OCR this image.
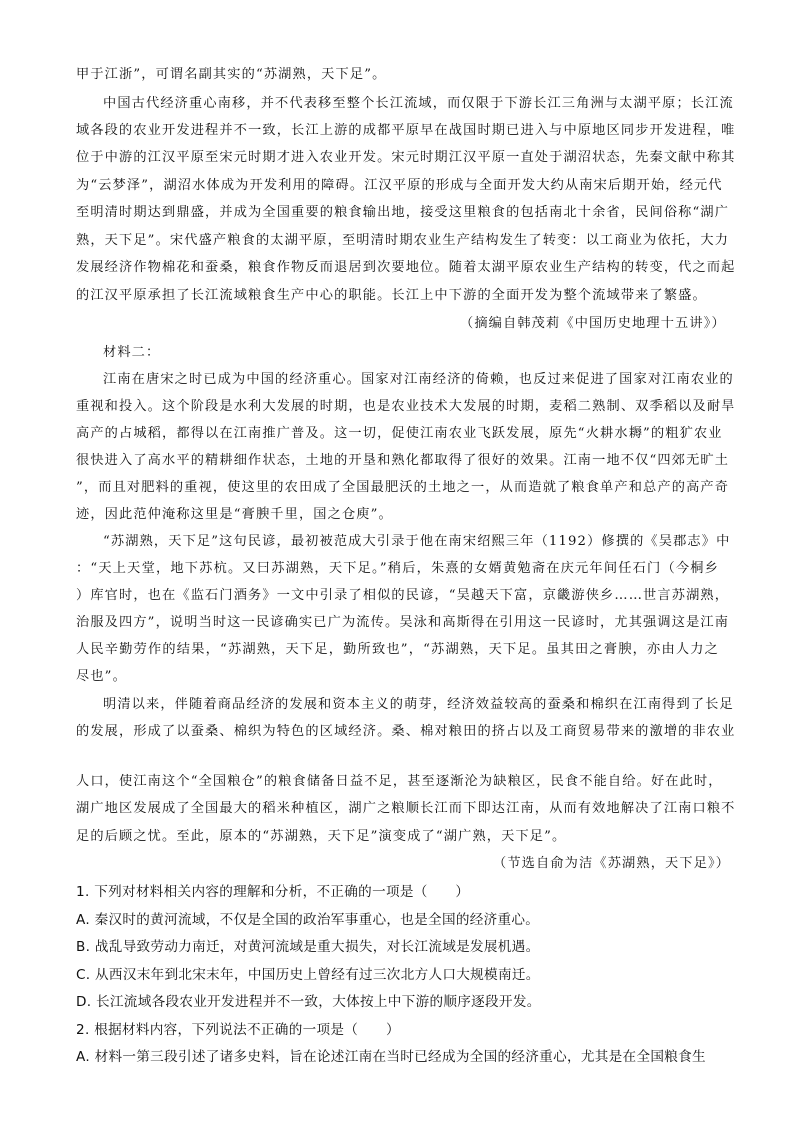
甲于江浙”，可谓名副其实的“苏湖熟，天下足”。
中国古代经济重心南移，并不代表移至整个长江流域，而仅限于下游长江三角洲与太湖平原；长江流
域各段的农业开发进程并不一致，长江上游的成都平原早在战国时期已进入与中原地区同步开发进程，唯
位于中游的江汉平原至宋元时期才进入农业开发。宋元时期江汉平原一直处于湖沼状态，先秦文献中称其
为“云梦泽”，湖沼水体成为开发利用的障碍。江汉平原的形成与全面开发大约从南宋后期开始，经元代
至明清时期达到鼎盛，并成为全国重要的粮食输出地，接受这里粮食的包括南北十余省，民间俗称“湖广
熟，天下足”。宋代盛产粮食的太湖平原，至明清时期农业生产结构发生了转变：以工商业为依托，大力
发展经济作物棉花和蚕桑，粮食作物反而退居到次要地位。随着太湖平原农业生产结构的转变，代之而起
的江汉平原承担了长江流域粮食生产中心的职能。长江上中下游的全面开发为整个流域带来了繁盛。
（摘编自韩茂莉《中国历史地理十五讲》）
材料二：
江南在唐宋之时已成为中国的经济重心。国家对江南经济的倚赖，也反过来促进了国家对江南农业的
重视和投入。这个阶段是水利大发展的时期，也是农业技术大发展的时期，麦稻二熟制、双季稻以及耐旱
高产的占城稻，都得以在江南推广普及。这一切，促使江南农业飞跃发展，原先“火耕水耨”的粗犷农业
很快进入了高水平的精耕细作状态，土地的开垦和熟化都取得了很好的效果。江南一地不仅“四郊无旷土
”，而且对肥料的重视，使这里的农田成了全国最肥沃的土地之一，从而造就了粮食单产和总产的高产奇
迹，因此范仲淹称这里是“膏腴千里，国之仓庾”。
“苏湖熟，天下足”这句民谚，最初被范成大引录于他在南宋绍熙三年（1192）修撰的《吴郡志》中
：“天上天堂，地下苏杭。又曰苏湖熟，天下足。”稍后，朱熹的女婿黄勉斋在庆元年间任石门（今桐乡
）库官时，也在《监石门酒务》一文中引录了相似的民谚，“吴越天下富，京畿游侠乡……世言苏湖熟，
治服及四方”，说明当时这一民谚确实已广为流传。吴泳和高斯得在引用这一民谚时，尤其强调这是江南
人民辛勤劳作的结果，“苏湖熟，天下足，勤所致也”，“苏湖熟，天下足。虽其田之膏腴，亦由人力之
尽也”。
明清以来，伴随着商品经济的发展和资本主义的萌芽，经济效益较高的蚕桑和棉织在江南得到了长足
的发展，形成了以蚕桑、棉织为特色的区域经济。桑、棉对粮田的挤占以及工商贸易带来的激增的非农业
人口，使江南这个“全国粮仓”的粮食储备日益不足，甚至逐渐沦为缺粮区，民食不能自给。好在此时，
湖广地区发展成了全国最大的稻米种植区，湖广之粮顺长江而下即达江南，从而有效地解决了江南口粮不
足的后顾之忧。至此，原本的“苏湖熟，天下足”演变成了“湖广熟，天下足”。
（节选自俞为洁《苏湖熟，天下足》）
1. 下列对材料相关内容的理解和分析，不正确的一项是（　　）
A. 秦汉时的黄河流域，不仅是全国的政治军事重心，也是全国的经济重心。
B. 战乱导致劳动力南迁，对黄河流域是重大损失，对长江流域是发展机遇。
C. 从西汉末年到北宋末年，中国历史上曾经有过三次北方人口大规模南迁。
D. 长江流域各段农业开发进程并不一致，大体按上中下游的顺序逐段开发。
2. 根据材料内容，下列说法不正确的一项是（　　）
A. 材料一第三段引述了诸多史料，旨在论述江南在当时已经成为全国的经济重心，尤其是在全国粮食生
